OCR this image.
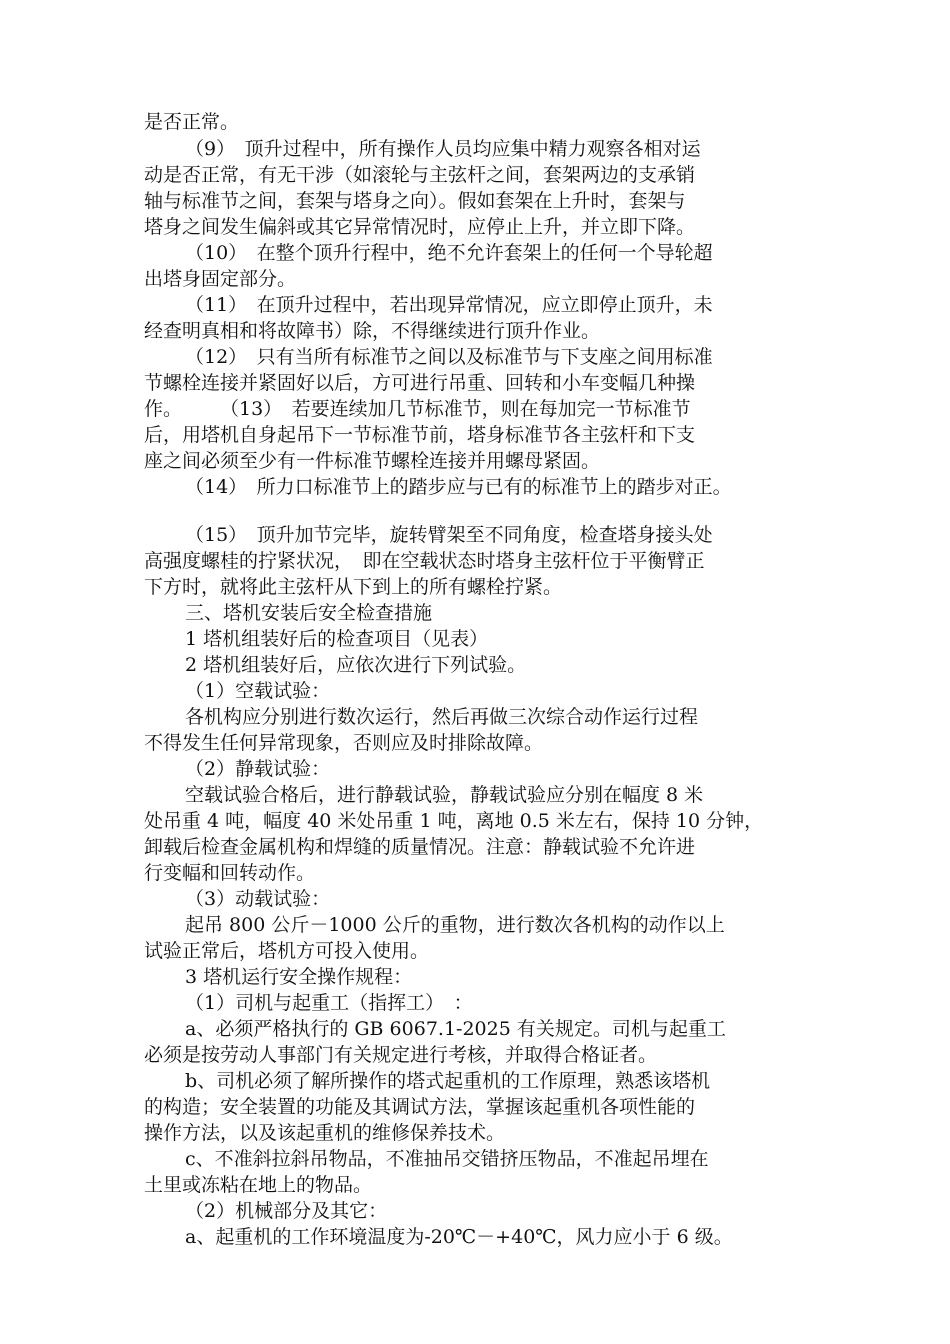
是否正常。
（9）　顶升过程中，所有操作人员均应集中精力观察各相对运
动是否正常，有无干涉（如滚轮与主弦杆之间，套架两边的支承销
轴与标准节之间，套架与塔身之向）。假如套架在上升时，套架与
塔身之间发生偏斜或其它异常情况时，应停止上升，并立即下降。
（10）　在整个顶升行程中，绝不允许套架上的任何一个导轮超
出塔身固定部分。
（11）　在顶升过程中，若出现异常情况，应立即停止顶升，未
经查明真相和将故障书）除，不得继续进行顶升作业。
（12）　只有当所有标准节之间以及标准节与下支座之间用标准
节螺栓连接并紧固好以后，方可进行吊重、回转和小车变幅几种操
作。　　　（13）　若要连续加几节标准节，则在每加完一节标准节
后，用塔机自身起吊下一节标准节前，塔身标准节各主弦杆和下支
座之间必须至少有一件标准节螺栓连接并用螺母紧固。
（14）　所力口标准节上的踏步应与已有的标准节上的踏步对正。
（15）　顶升加节完毕，旋转臂架至不同角度，检查塔身接头处
高强度螺桂的拧紧状况，　即在空载状态时塔身主弦杆位于平衡臂正
下方时，就将此主弦杆从下到上的所有螺栓拧紧。
三、塔机安装后安全检查措施
1 塔机组装好后的检查项目（见表）
2 塔机组装好后，应依次进行下列试验。
（1）空载试验：
各机构应分别进行数次运行，然后再做三次综合动作运行过程
不得发生任何异常现象，否则应及时排除故障。
（2）静载试验：
空载试验合格后，进行静载试验，静载试验应分别在幅度 8 米
处吊重 4 吨，幅度 40 米处吊重 1 吨，离地 0.5 米左右，保持 10 分钟，
卸载后检查金属机构和焊缝的质量情况。注意：静载试验不允许进
行变幅和回转动作。
（3）动载试验：
起吊 800 公斤－1000 公斤的重物，进行数次各机构的动作以上
试验正常后，塔机方可投入使用。
3 塔机运行安全操作规程：
（1）司机与起重工（指挥工）　：
a、必须严格执行的 GB 6067.1-2025 有关规定。司机与起重工
必须是按劳动人事部门有关规定进行考核，并取得合格证者。
b、司机必须了解所操作的塔式起重机的工作原理，熟悉该塔机
的构造；安全装置的功能及其调试方法，掌握该起重机各项性能的
操作方法，以及该起重机的维修保养技术。
c、不准斜拉斜吊物品，不准抽吊交错挤压物品，不准起吊埋在
土里或冻粘在地上的物品。
（2）机械部分及其它：
a、起重机的工作环境温度为-20℃－+40℃，风力应小于 6 级。
